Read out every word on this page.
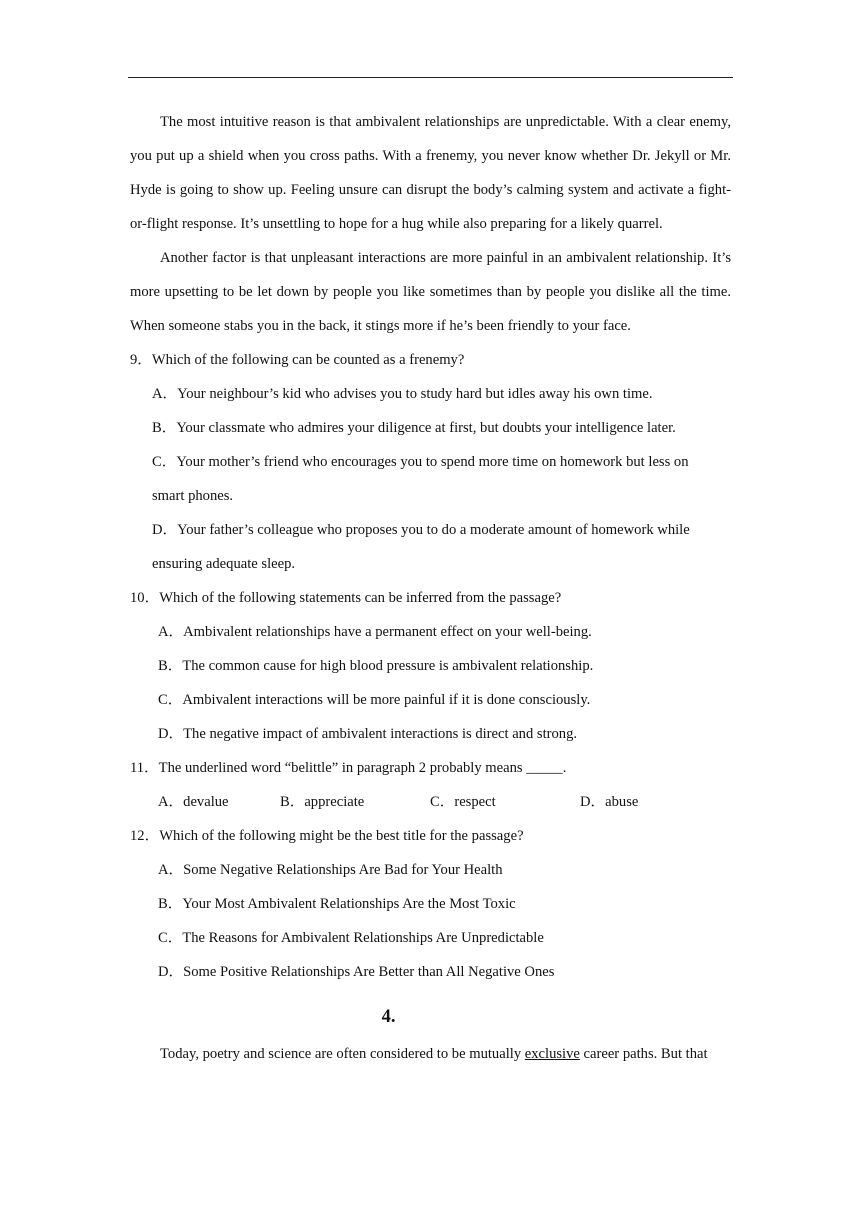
The most intuitive reason is that ambivalent relationships are unpredictable. With a clear enemy, you put up a shield when you cross paths. With a frenemy, you never know whether Dr. Jekyll or Mr. Hyde is going to show up. Feeling unsure can disrupt the body’s calming system and activate a fight-or-flight response. It’s unsettling to hope for a hug while also preparing for a likely quarrel.

Another factor is that unpleasant interactions are more painful in an ambivalent relationship. It’s more upsetting to be let down by people you like sometimes than by people you dislike all the time. When someone stabs you in the back, it stings more if he’s been friendly to your face.

9．Which of the following can be counted as a frenemy?

A．Your neighbour’s kid who advises you to study hard but idles away his own time.

B．Your classmate who admires your diligence at first, but doubts your intelligence later.

C．Your mother’s friend who encourages you to spend more time on homework but less on smart phones.

D．Your father’s colleague who proposes you to do a moderate amount of homework while ensuring adequate sleep.

10．Which of the following statements can be inferred from the passage?

A．Ambivalent relationships have a permanent effect on your well-being.

B．The common cause for high blood pressure is ambivalent relationship.

C．Ambivalent interactions will be more painful if it is done consciously.

D．The negative impact of ambivalent interactions is direct and strong.

11．The underlined word “belittle” in paragraph 2 probably means _____.

A．devalue	B．appreciate	C．respect	D．abuse

12．Which of the following might be the best title for the passage?

A．Some Negative Relationships Are Bad for Your Health

B．Your Most Ambivalent Relationships Are the Most Toxic

C．The Reasons for Ambivalent Relationships Are Unpredictable

D．Some Positive Relationships Are Better than All Negative Ones

4.

Today, poetry and science are often considered to be mutually exclusive career paths. But that
